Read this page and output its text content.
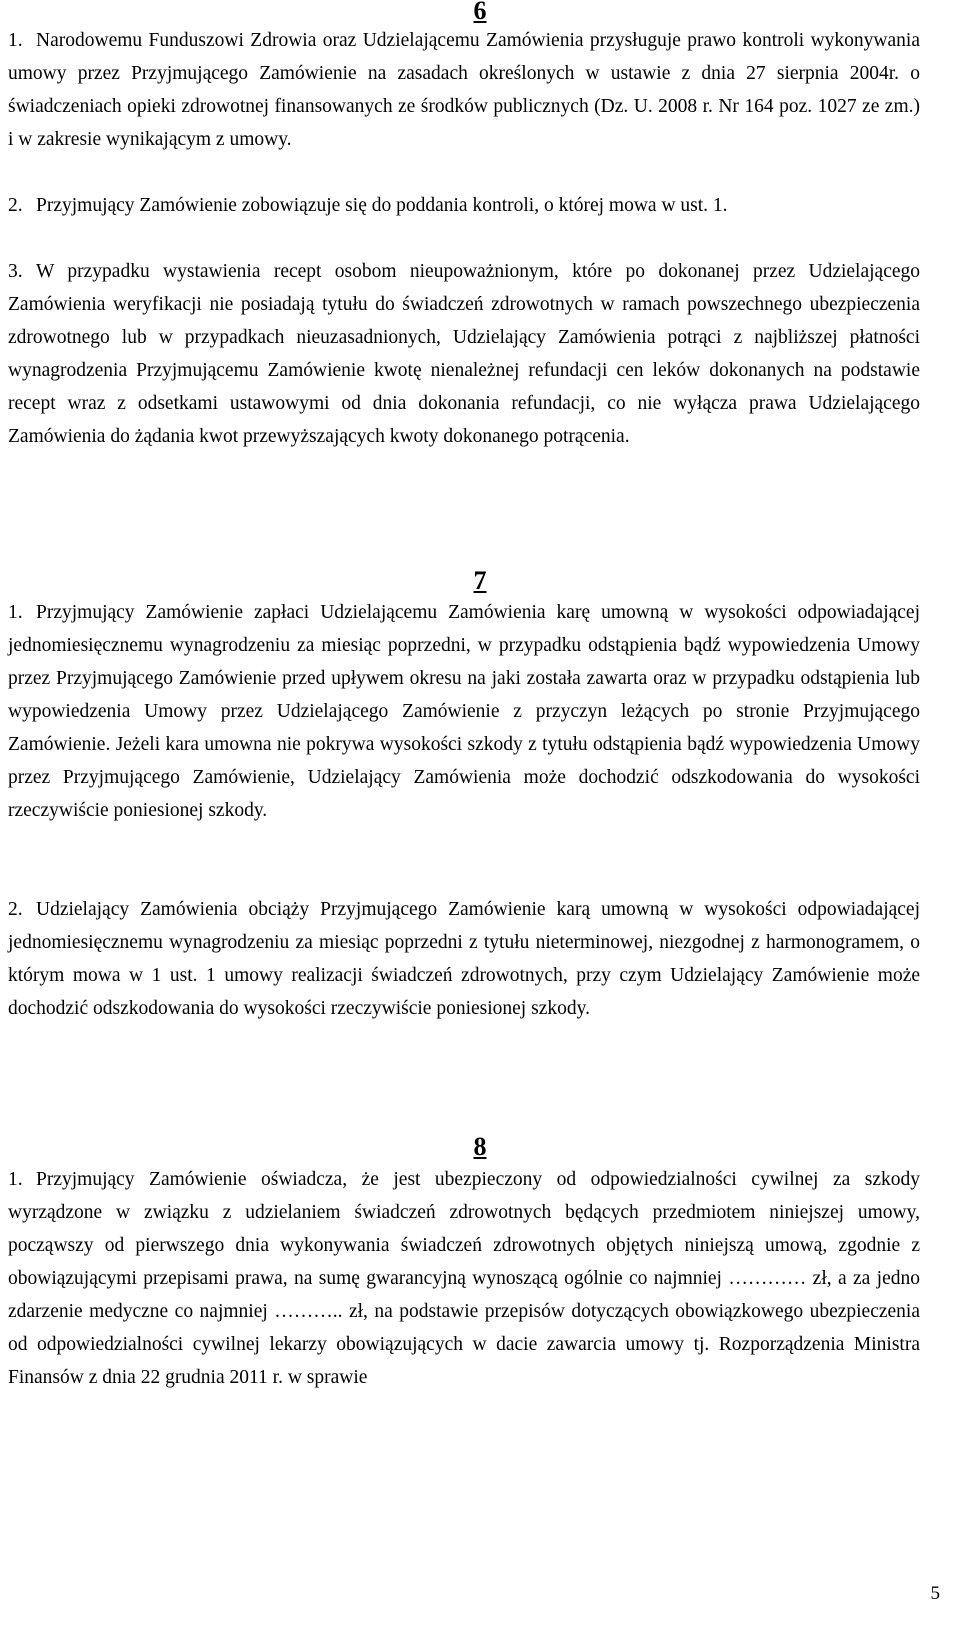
6

1. Narodowemu Funduszowi Zdrowia oraz Udzielającemu Zamówienia przysługuje prawo kontroli wykonywania umowy przez Przyjmującego Zamówienie na zasadach określonych w ustawie z dnia 27 sierpnia 2004r. o świadczeniach opieki zdrowotnej finansowanych ze środków publicznych (Dz. U. 2008 r. Nr 164 poz. 1027 ze zm.) i w zakresie wynikającym z umowy.

2. Przyjmujący Zamówienie zobowiązuje się do poddania kontroli, o której mowa w ust. 1.

3. W przypadku wystawienia recept osobom nieupoważnionym, które po dokonanej przez Udzielającego Zamówienia weryfikacji nie posiadają tytułu do świadczeń zdrowotnych w ramach powszechnego ubezpieczenia zdrowotnego lub w przypadkach nieuzasadnionych, Udzielający Zamówienia potrąci z najbliższej płatności wynagrodzenia Przyjmującemu Zamówienie kwotę nienależnej refundacji cen leków dokonanych na podstawie recept wraz z odsetkami ustawowymi od dnia dokonania refundacji, co nie wyłącza prawa Udzielającego Zamówienia do żądania kwot przewyższających kwoty dokonanego potrącenia.

7

1. Przyjmujący Zamówienie zapłaci Udzielającemu Zamówienia karę umowną w wysokości odpowiadającej jednomiesięcznemu wynagrodzeniu za miesiąc poprzedni, w przypadku odstąpienia bądź wypowiedzenia Umowy przez Przyjmującego Zamówienie przed upływem okresu na jaki została zawarta oraz w przypadku odstąpienia lub wypowiedzenia Umowy przez Udzielającego Zamówienie z przyczyn leżących po stronie Przyjmującego Zamówienie. Jeżeli kara umowna nie pokrywa wysokości szkody z tytułu odstąpienia bądź wypowiedzenia Umowy przez Przyjmującego Zamówienie, Udzielający Zamówienia może dochodzić odszkodowania do wysokości rzeczywiście poniesionej szkody.

2. Udzielający Zamówienia obciąży Przyjmującego Zamówienie karą umowną w wysokości odpowiadającej jednomiesięcznemu wynagrodzeniu za miesiąc poprzedni z tytułu nieterminowej, niezgodnej z harmonogramem, o którym mowa w 1 ust. 1 umowy realizacji świadczeń zdrowotnych, przy czym Udzielający Zamówienie może dochodzić odszkodowania do wysokości rzeczywiście poniesionej szkody.

8

1. Przyjmujący Zamówienie oświadcza, że jest ubezpieczony od odpowiedzialności cywilnej za szkody wyrządzone w związku z udzielaniem świadczeń zdrowotnych będących przedmiotem niniejszej umowy, począwszy od pierwszego dnia wykonywania świadczeń zdrowotnych objętych niniejszą umową, zgodnie z obowiązującymi przepisami prawa, na sumę gwarancyjną wynoszącą ogólnie co najmniej ………… zł, a za jedno zdarzenie medyczne co najmniej ……….. zł, na podstawie przepisów dotyczących obowiązkowego ubezpieczenia od odpowiedzialności cywilnej lekarzy obowiązujących w dacie zawarcia umowy tj. Rozporządzenia Ministra Finansów z dnia 22 grudnia 2011 r. w sprawie

5
